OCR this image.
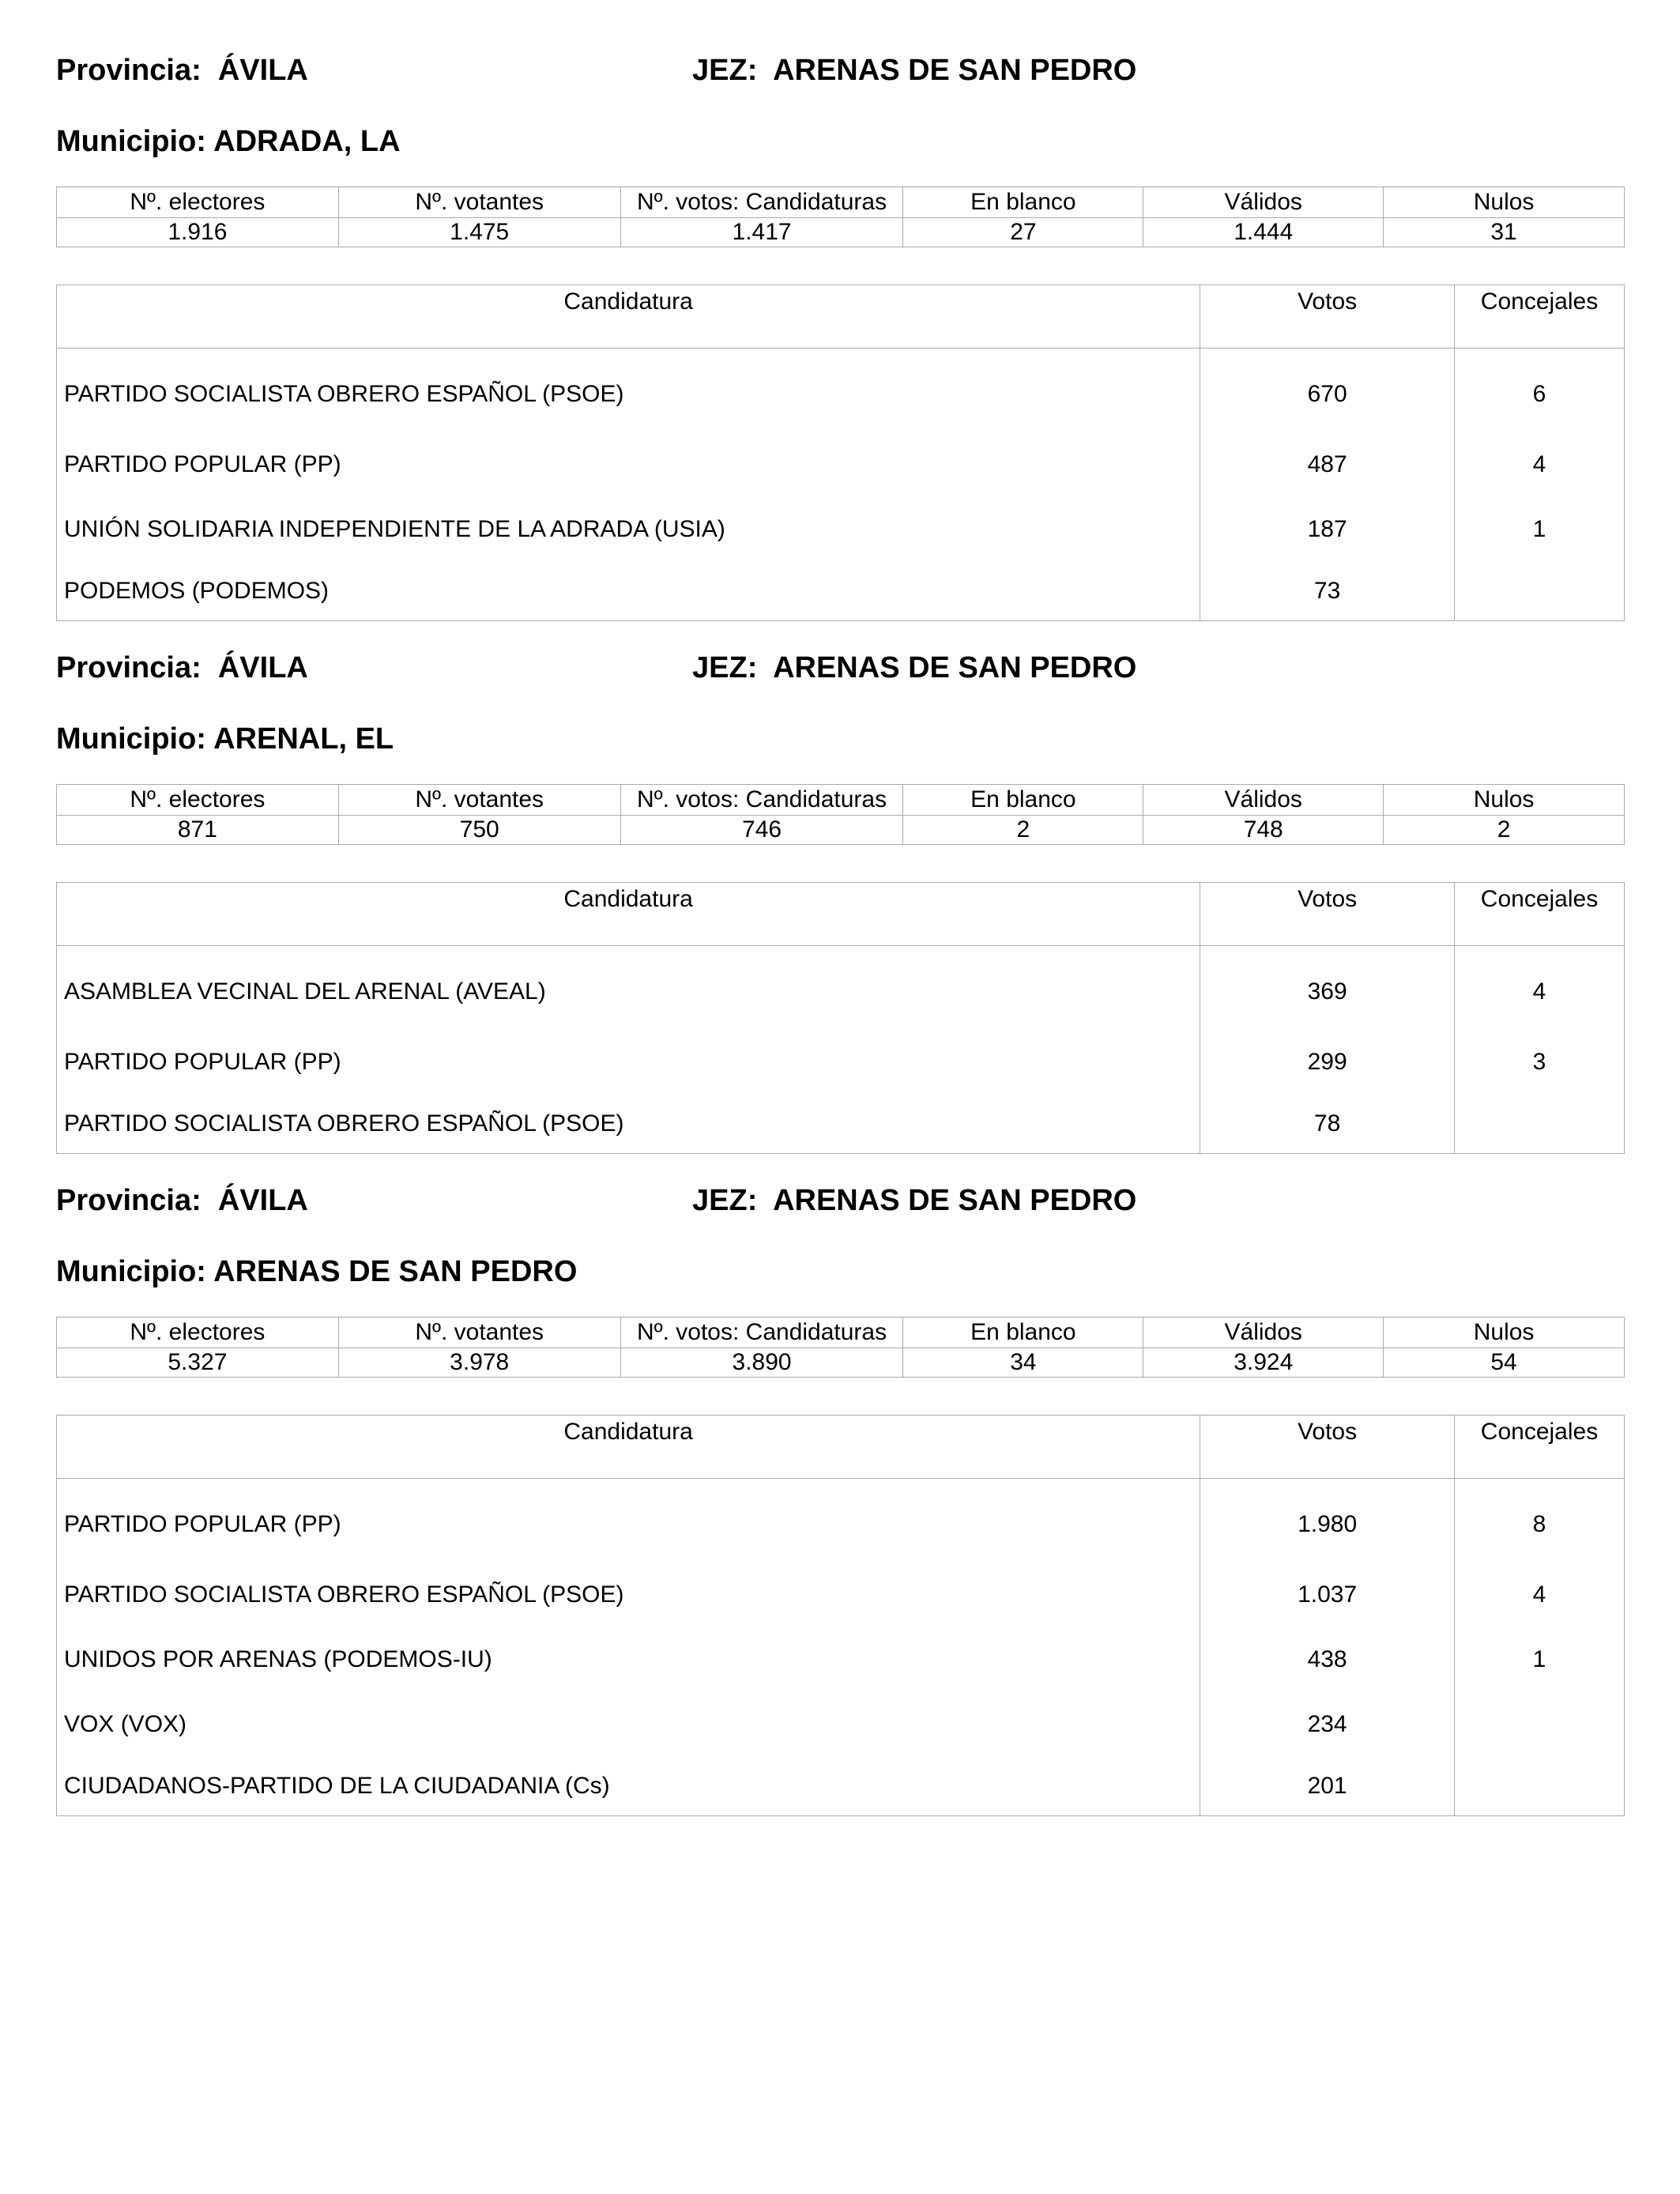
Provincia: ÁVILA	JEZ: ARENAS DE SAN PEDRO
Municipio: ADRADA, LA
Nº. electores	Nº. votantes	Nº. votos: Candidaturas	En blanco	Válidos	Nulos
1.916	1.475	1.417	27	1.444	31
Candidatura	Votos	Concejales
PARTIDO SOCIALISTA OBRERO ESPAÑOL (PSOE)	670	6
PARTIDO POPULAR (PP)	487	4
UNIÓN SOLIDARIA INDEPENDIENTE DE LA ADRADA (USIA)	187	1
PODEMOS (PODEMOS)	73	
Provincia: ÁVILA	JEZ: ARENAS DE SAN PEDRO
Municipio: ARENAL, EL
Nº. electores	Nº. votantes	Nº. votos: Candidaturas	En blanco	Válidos	Nulos
871	750	746	2	748	2
Candidatura	Votos	Concejales
ASAMBLEA VECINAL DEL ARENAL (AVEAL)	369	4
PARTIDO POPULAR (PP)	299	3
PARTIDO SOCIALISTA OBRERO ESPAÑOL (PSOE)	78	
Provincia: ÁVILA	JEZ: ARENAS DE SAN PEDRO
Municipio: ARENAS DE SAN PEDRO
Nº. electores	Nº. votantes	Nº. votos: Candidaturas	En blanco	Válidos	Nulos
5.327	3.978	3.890	34	3.924	54
Candidatura	Votos	Concejales
PARTIDO POPULAR (PP)	1.980	8
PARTIDO SOCIALISTA OBRERO ESPAÑOL (PSOE)	1.037	4
UNIDOS POR ARENAS (PODEMOS-IU)	438	1
VOX (VOX)	234	
CIUDADANOS-PARTIDO DE LA CIUDADANIA (Cs)	201	
